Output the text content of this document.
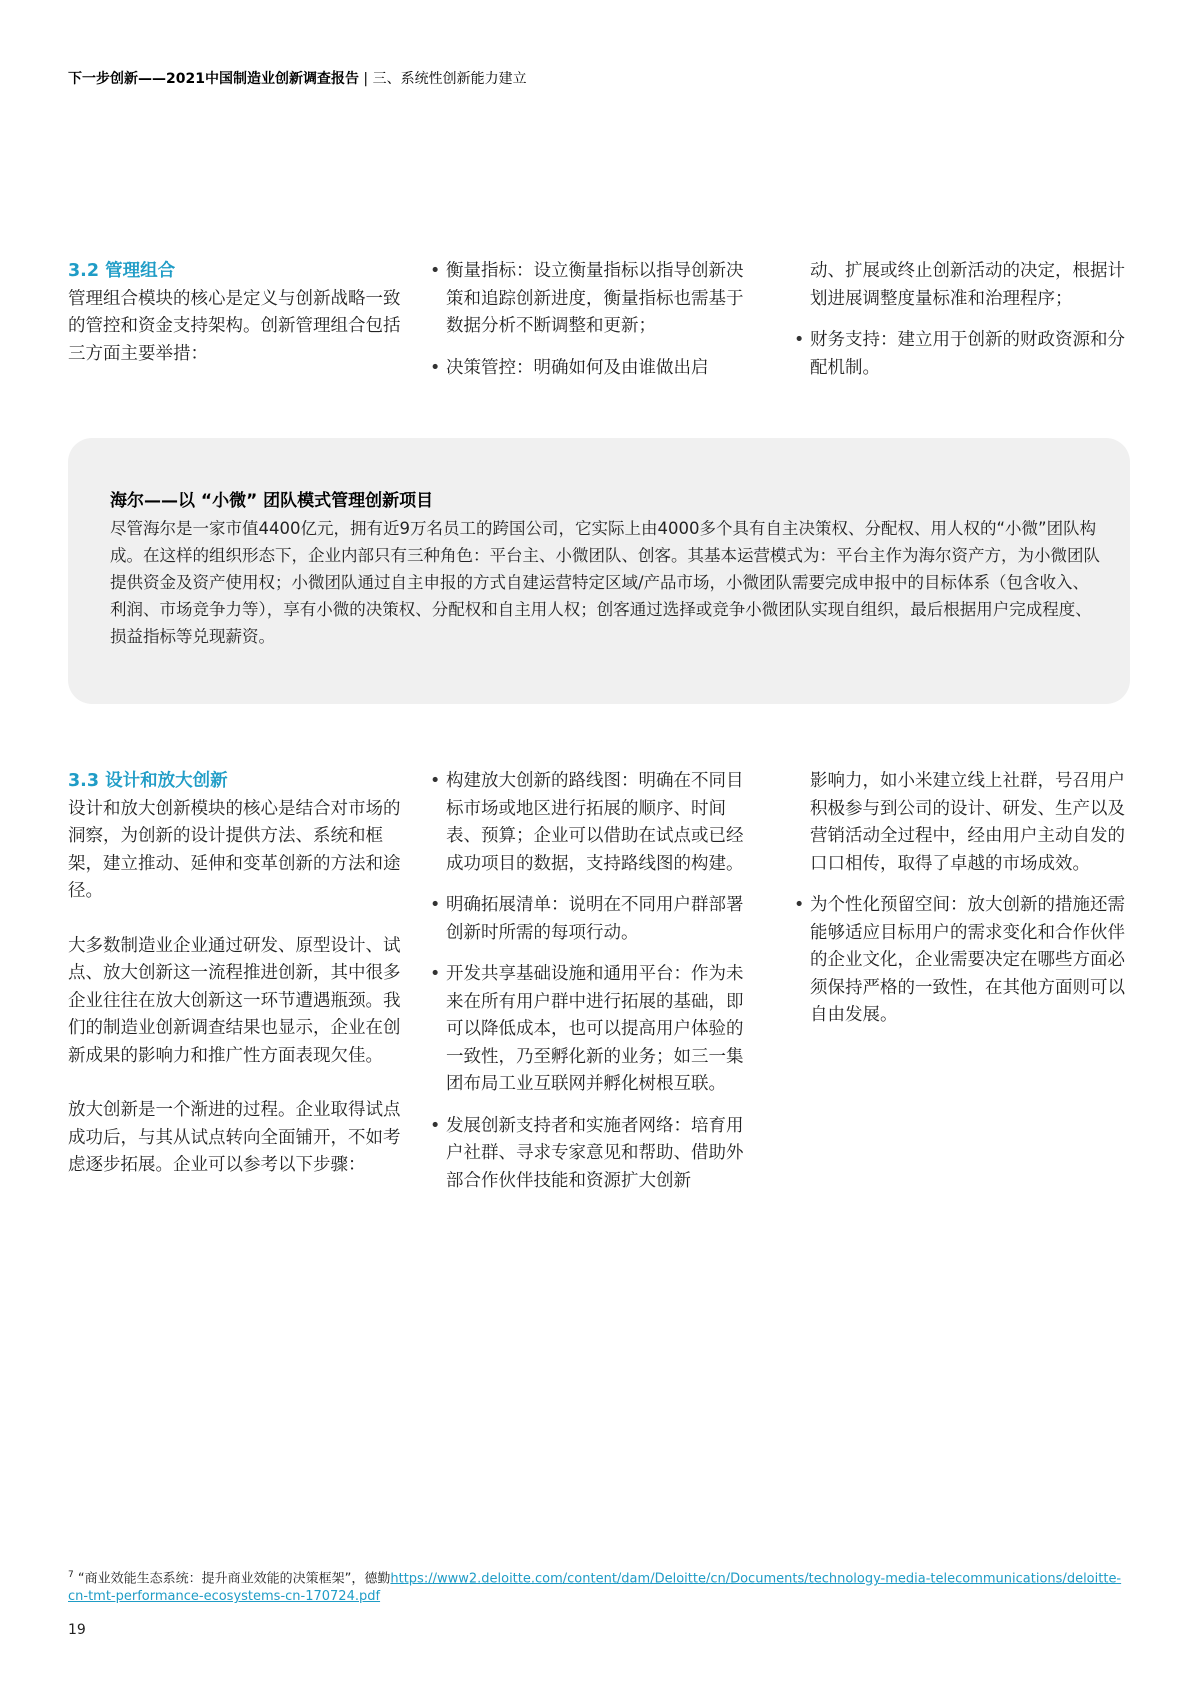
下一步创新——2021中国制造业创新调查报告 | 三、系统性创新能力建立
3.2 管理组合

管理组合模块的核心是定义与创新战略一致的管控和资金支持架构。创新管理组合包括三方面主要举措：

• 衡量指标：设立衡量指标以指导创新决策和追踪创新进度，衡量指标也需基于数据分析不断调整和更新；
• 决策管控：明确如何及由谁做出启
动、扩展或终止创新活动的决定，根据计划进展调整度量标准和治理程序；
• 财务支持：建立用于创新的财政资源和分配机制。
海尔——以 “小微” 团队模式管理创新项目
尽管海尔是一家市值4400亿元，拥有近9万名员工的跨国公司，它实际上由4000多个具有自主决策权、分配权、用人权的“小微”团队构成。在这样的组织形态下，企业内部只有三种角色：平台主、小微团队、创客。其基本运营模式为：平台主作为海尔资产方，为小微团队提供资金及资产使用权；小微团队通过自主申报的方式自建运营特定区域/产品市场，小微团队需要完成申报中的目标体系（包含收入、利润、市场竞争力等），享有小微的决策权、分配权和自主用人权；创客通过选择或竞争小微团队实现自组织，最后根据用户完成程度、损益指标等兑现薪资。
3.3 设计和放大创新

设计和放大创新模块的核心是结合对市场的洞察，为创新的设计提供方法、系统和框架，建立推动、延伸和变革创新的方法和途径。

大多数制造业企业通过研发、原型设计、试点、放大创新这一流程推进创新，其中很多企业往往在放大创新这一环节遭遇瓶颈。我们的制造业创新调查结果也显示，企业在创新成果的影响力和推广性方面表现欠佳。

放大创新是一个渐进的过程。企业取得试点成功后，与其从试点转向全面铺开，不如考虑逐步拓展。企业可以参考以下步骤：

• 构建放大创新的路线图：明确在不同目标市场或地区进行拓展的顺序、时间表、预算；企业可以借助在试点或已经成功项目的数据，支持路线图的构建。
• 明确拓展清单：说明在不同用户群部署创新时所需的每项行动。
• 开发共享基础设施和通用平台：作为未来在所有用户群中进行拓展的基础，即可以降低成本，也可以提高用户体验的一致性，乃至孵化新的业务；如三一集团布局工业互联网并孵化树根互联。
• 发展创新支持者和实施者网络：培育用户社群、寻求专家意见和帮助、借助外部合作伙伴技能和资源扩大创新
影响力，如小米建立线上社群，号召用户积极参与到公司的设计、研发、生产以及营销活动全过程中，经由用户主动自发的口口相传，取得了卓越的市场成效。
• 为个性化预留空间：放大创新的措施还需能够适应目标用户的需求变化和合作伙伴的企业文化，企业需要决定在哪些方面必须保持严格的一致性，在其他方面则可以自由发展。
$^7$ “商业效能生态系统：提升商业效能的决策框架”，德勤https://www2.deloitte.com/content/dam/Deloitte/cn/Documents/technology-media-telecommunications/deloitte-cn-tmt-performance-ecosystems-cn-170724.pdf
19
